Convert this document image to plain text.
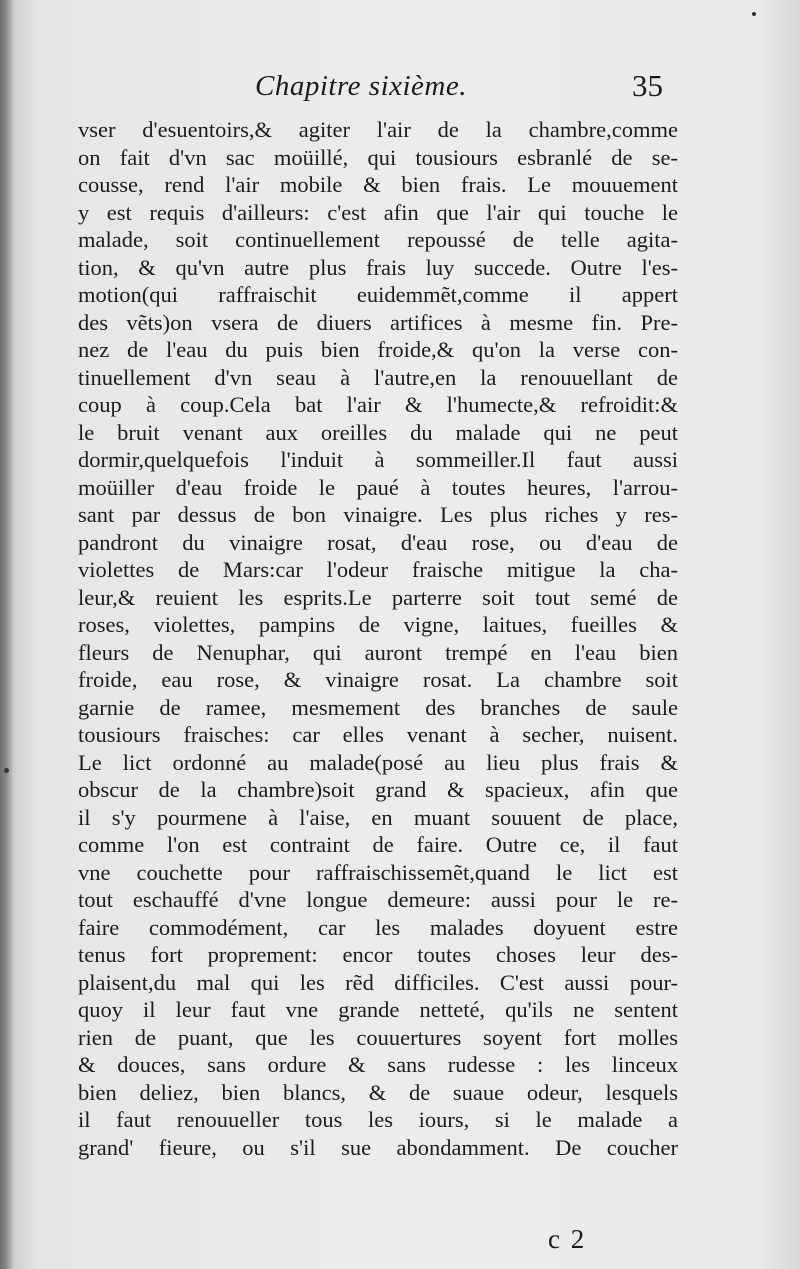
Chapitre sixième.	35
vser d'esuentoirs,& agiter l'air de la chambre,comme
on fait d'vn sac moüillé, qui tousiours esbranlé de se-
cousse, rend l'air mobile & bien frais. Le mouuement
y est requis d'ailleurs: c'est afin que l'air qui touche le
malade, soit continuellement repoussé de telle agita-
tion, & qu'vn autre plus frais luy succede. Outre l'es-
motion(qui raffraischit euidemmẽt,comme il appert
des vẽts)on vsera de diuers artifices à mesme fin. Pre-
nez de l'eau du puis bien froide,& qu'on la verse con-
tinuellement d'vn seau à l'autre,en la renouuellant de
coup à coup.Cela bat l'air & l'humecte,& refroidit:&
le bruit venant aux oreilles du malade qui ne peut
dormir,quelquefois l'induit à sommeiller.Il faut aussi
moüiller d'eau froide le paué à toutes heures, l'arrou-
sant par dessus de bon vinaigre. Les plus riches y res-
pandront du vinaigre rosat, d'eau rose, ou d'eau de
violettes de Mars:car l'odeur fraische mitigue la cha-
leur,& reuient les esprits.Le parterre soit tout semé de
roses, violettes, pampins de vigne, laitues, fueilles &
fleurs de Nenuphar, qui auront trempé en l'eau bien
froide, eau rose, & vinaigre rosat. La chambre soit
garnie de ramee, mesmement des branches de saule
tousiours fraisches: car elles venant à secher, nuisent.
Le lict ordonné au malade(posé au lieu plus frais &
obscur de la chambre)soit grand & spacieux, afin que
il s'y pourmene à l'aise, en muant souuent de place,
comme l'on est contraint de faire. Outre ce, il faut
vne couchette pour raffraischissemẽt,quand le lict est
tout eschauffé d'vne longue demeure: aussi pour le re-
faire commodément, car les malades doyuent estre
tenus fort proprement: encor toutes choses leur des-
plaisent,du mal qui les rẽd difficiles. C'est aussi pour-
quoy il leur faut vne grande netteté, qu'ils ne sentent
rien de puant, que les couuertures soyent fort molles
& douces, sans ordure & sans rudesse : les linceux
bien deliez, bien blancs, & de suaue odeur, lesquels
il faut renouueller tous les iours, si le malade a
grand' fieure, ou s'il sue abondamment. De coucher
c 2
